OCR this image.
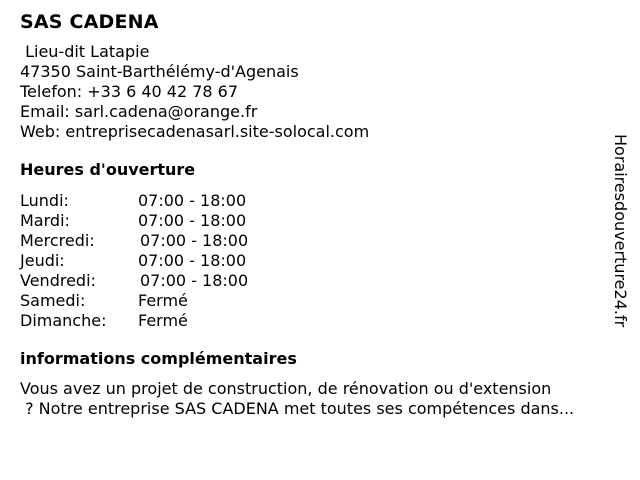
SAS CADENA
Lieu-dit Latapie
47350 Saint-Barthélémy-d'Agenais
Telefon: +33 6 40 42 78 67
Email: sarl.cadena@orange.fr
Web: entreprisecadenasarl.site-solocal.com
Heures d'ouverture
Lundi:	07:00 - 18:00
Mardi:	07:00 - 18:00
Mercredi:	07:00 - 18:00
Jeudi:	07:00 - 18:00
Vendredi:	07:00 - 18:00
Samedi:	Fermé
Dimanche: Fermé
informations complémentaires
Vous avez un projet de construction, de rénovation ou d'extension
? Notre entreprise SAS CADENA met toutes ses compétences dans...
Horairesdouverture24.fr
